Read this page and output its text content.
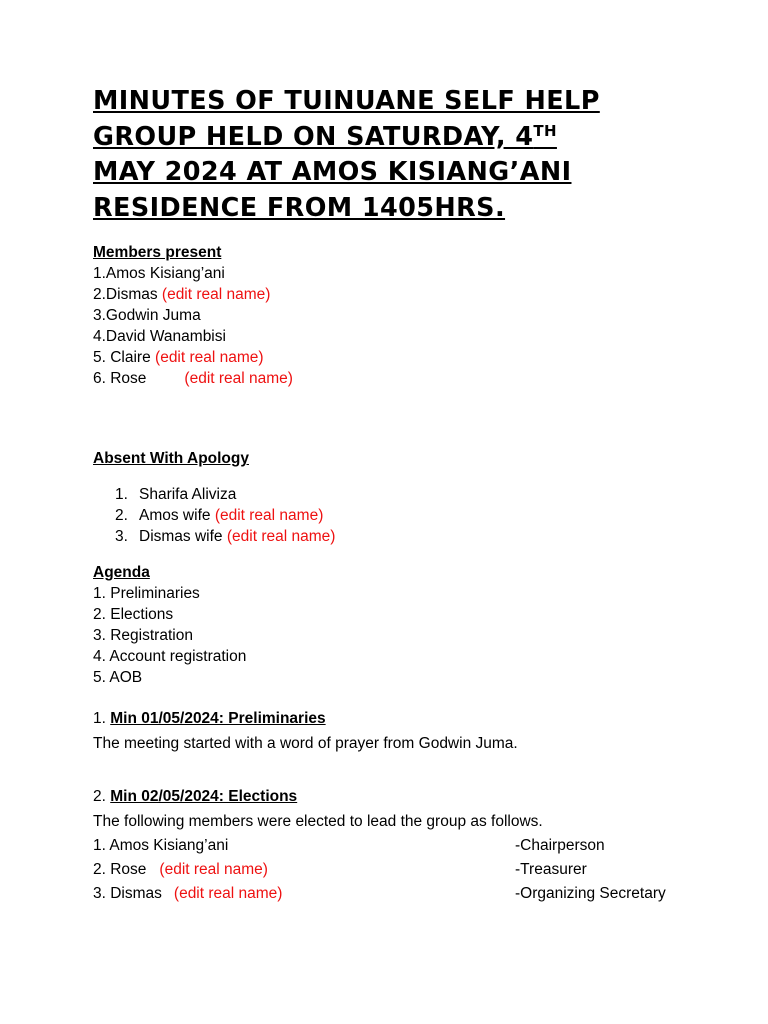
MINUTES OF TUINUANE SELF HELP
GROUP HELD ON SATURDAY, 4TH
MAY 2024 AT AMOS KISIANG’ANI
RESIDENCE FROM 1405HRS.
Members present
1.Amos Kisiang’ani
2.Dismas (edit real name)
3.Godwin Juma
4.David Wanambisi
5. Claire (edit real name)
6. Rose (edit real name)
Absent With Apology
1. Sharifa Aliviza
2. Amos wife (edit real name)
3. Dismas wife (edit real name)
Agenda
1. Preliminaries
2. Elections
3. Registration
4. Account registration
5. AOB
1. Min 01/05/2024: Preliminaries
The meeting started with a word of prayer from Godwin Juma.
2. Min 02/05/2024: Elections
The following members were elected to lead the group as follows.
1. Amos Kisiang’ani	-Chairperson
2. Rose (edit real name)	-Treasurer
3. Dismas (edit real name)	-Organizing Secretary
